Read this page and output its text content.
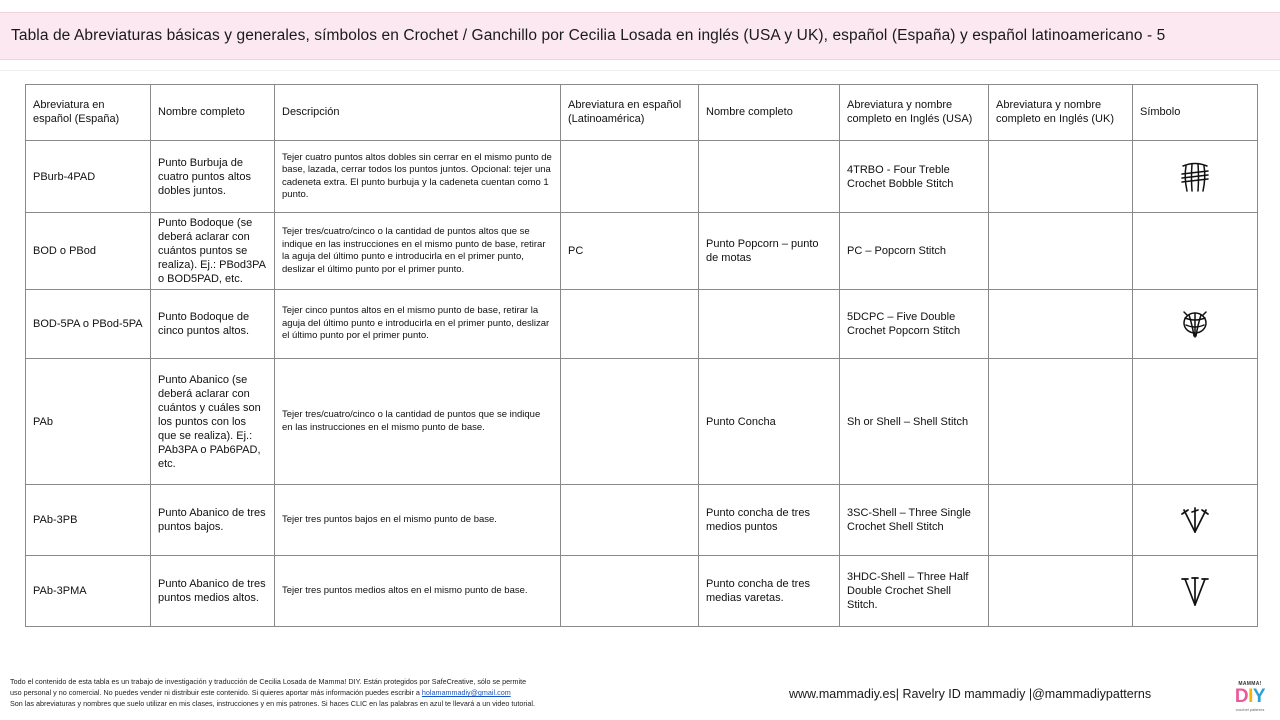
Tabla de Abreviaturas básicas y generales, símbolos en Crochet / Ganchillo por Cecilia Losada en inglés (USA y UK), español (España) y español latinoamericano - 5
Abreviatura en español (España)	Nombre completo	Descripción	Abreviatura en español (Latinoamérica)	Nombre completo	Abreviatura y nombre completo en Inglés (USA)	Abreviatura y nombre completo en Inglés (UK)	Símbolo
PBurb-4PAD	Punto Burbuja de cuatro puntos altos dobles juntos.	Tejer cuatro puntos altos dobles sin cerrar en el mismo punto de base, lazada, cerrar todos los puntos juntos. Opcional: tejer una cadeneta extra. El punto burbuja y la cadeneta cuentan como 1 punto.			4TRBO - Four Treble Crochet Bobble Stitch		

BOD o PBod	Punto Bodoque (se deberá aclarar con cuántos puntos se realiza). Ej.: PBod3PA o BOD5PAD, etc.	Tejer tres/cuatro/cinco o la cantidad de puntos altos que se indique en las instrucciones en el mismo punto de base, retirar la aguja del último punto e introducirla en el primer punto, deslizar el último punto por el primer punto.	PC	Punto Popcorn – punto de motas	PC – Popcorn Stitch		
BOD-5PA o PBod-5PA	Punto Bodoque de cinco puntos altos.	Tejer cinco puntos altos en el mismo punto de base, retirar la aguja del último punto e introducirla en el primer punto, deslizar el último punto por el primer punto.			5DCPC – Five Double Crochet Popcorn Stitch		

PAb	Punto Abanico (se deberá aclarar con cuántos y cuáles son los puntos con los que se realiza). Ej.: PAb3PA o PAb6PAD, etc.	Tejer tres/cuatro/cinco o la cantidad de puntos que se indique en las instrucciones en el mismo punto de base.		Punto Concha	Sh or Shell – Shell Stitch		
PAb-3PB	Punto Abanico de tres puntos bajos.	Tejer tres puntos bajos en el mismo punto de base.		Punto concha de tres medios puntos	3SC-Shell – Three Single Crochet Shell Stitch		

PAb-3PMA	Punto Abanico de tres puntos medios altos.	Tejer tres puntos medios altos en el mismo punto de base.		Punto concha de tres medias varetas.	3HDC-Shell – Three Half Double Crochet Shell Stitch.		
Todo el contenido de esta tabla es un trabajo de investigación y traducción de Cecilia Losada de Mamma! DIY. Están protegidos por SafeCreative, sólo se permite
uso personal y no comercial. No puedes vender ni distribuir este contenido. Si quieres aportar más información puedes escribir a holamammadiy@gmail.com
Son las abreviaturas y nombres que suelo utilizar en mis clases, instrucciones y en mis patrones. Si haces CLIC en las palabras en azul te llevará a un video tutorial.
www.mammadiy.es| Ravelry ID mammadiy |@mammadiypatterns
MAMMA!
DIY
crochet patterns
